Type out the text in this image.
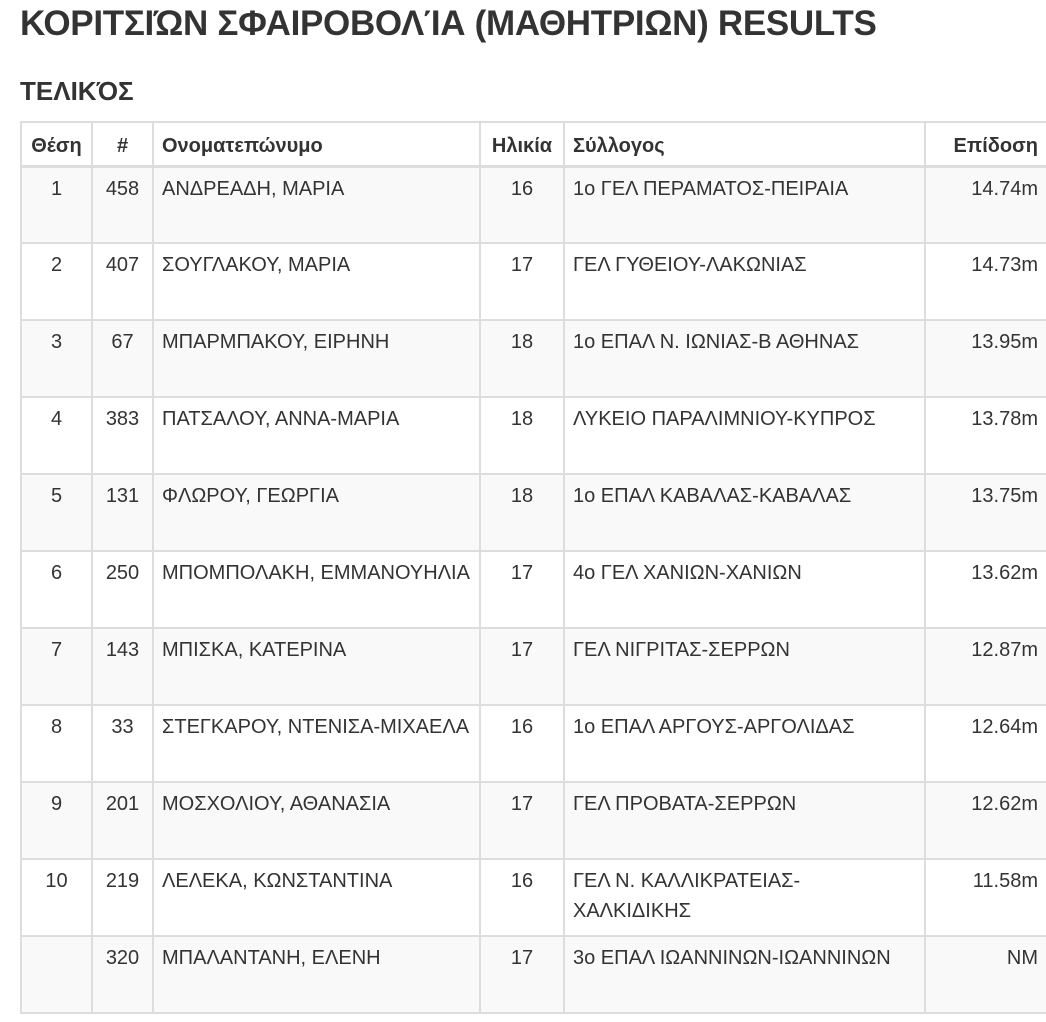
ΚΟΡΙΤΣΙΏΝ ΣΦΑΙΡΟΒΟΛΊΑ (ΜΑΘΗΤΡΙΩΝ) RESULTS
ΤΕΛΙΚΌΣ
Θέση	#	Ονοματεπώνυμο	Ηλικία	Σύλλογος	Επίδοση
1	458	ΑΝΔΡΕΑΔΗ, ΜΑΡΙΑ	16	1ο ΓΕΛ ΠΕΡΑΜΑΤΟΣ-ΠΕΙΡΑΙΑ	14.74m
2	407	ΣΟΥΓΛΑΚΟΥ, ΜΑΡΙΑ	17	ΓΕΛ ΓΥΘΕΙΟΥ-ΛΑΚΩΝΙΑΣ	14.73m
3	67	ΜΠΑΡΜΠΑΚΟΥ, ΕΙΡΗΝΗ	18	1ο ΕΠΑΛ Ν. ΙΩΝΙΑΣ-Β ΑΘΗΝΑΣ	13.95m
4	383	ΠΑΤΣΑΛΟΥ, ΑΝΝΑ-ΜΑΡΙΑ	18	ΛΥΚΕΙΟ ΠΑΡΑΛΙΜΝΙΟΥ-ΚΥΠΡΟΣ	13.78m
5	131	ΦΛΩΡΟΥ, ΓΕΩΡΓΙΑ	18	1ο ΕΠΑΛ ΚΑΒΑΛΑΣ-ΚΑΒΑΛΑΣ	13.75m
6	250	ΜΠΟΜΠΟΛΑΚΗ, ΕΜΜΑΝΟΥΗΛΙΑ	17	4ο ΓΕΛ ΧΑΝΙΩΝ-ΧΑΝΙΩΝ	13.62m
7	143	ΜΠΙΣΚΑ, ΚΑΤΕΡΙΝΑ	17	ΓΕΛ ΝΙΓΡΙΤΑΣ-ΣΕΡΡΩΝ	12.87m
8	33	ΣΤΕΓΚΑΡΟΥ, ΝΤΕΝΙΣΑ-ΜΙΧΑΕΛΑ	16	1ο ΕΠΑΛ ΑΡΓΟΥΣ-ΑΡΓΟΛΙΔΑΣ	12.64m
9	201	ΜΟΣΧΟΛΙΟΥ, ΑΘΑΝΑΣΙΑ	17	ΓΕΛ ΠΡΟΒΑΤΑ-ΣΕΡΡΩΝ	12.62m
10	219	ΛΕΛΕΚΑ, ΚΩΝΣΤΑΝΤΙΝΑ	16	ΓΕΛ Ν. ΚΑΛΛΙΚΡΑΤΕΙΑΣ-ΧΑΛΚΙΔΙΚΗΣ	11.58m
	320	ΜΠΑΛΑΝΤΑΝΗ, ΕΛΕΝΗ	17	3ο ΕΠΑΛ ΙΩΑΝΝΙΝΩΝ-ΙΩΑΝΝΙΝΩΝ	NM
